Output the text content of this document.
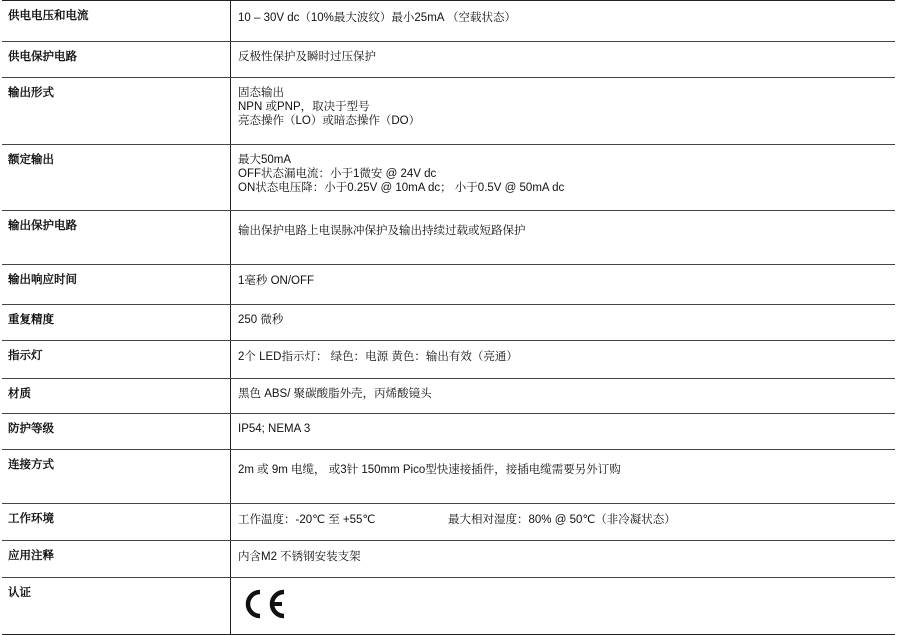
供电电压和电流	10 – 30V dc（10%最大波纹）最小25mA （空载状态）

供电保护电路	反极性保护及瞬时过压保护

输出形式	固态输出
NPN 或PNP，取决于型号
亮态操作（LO）或暗态操作（DO）

额定输出	最大50mA
OFF状态漏电流：小于1微安 @ 24V dc
ON状态电压降：小于0.25V @ 10mA dc； 小于0.5V @ 50mA dc

输出保护电路	输出保护电路上电误脉冲保护及输出持续过载或短路保护

输出响应时间	1毫秒 ON/OFF

重复精度	250 微秒

指示灯	2个 LED指示灯： 绿色：电源 黄色：输出有效（亮通）

材质	黑色 ABS/ 聚碳酸脂外壳，丙烯酸镜头

防护等级	IP54; NEMA 3

连接方式	2m 或 9m 电缆， 或3针 150mm Pico型快速接插件，接插电缆需要另外订购

工作环境	工作温度：-20℃ 至 +55℃ 最大相对湿度：80% @ 50℃（非冷凝状态）
应用注释	内含M2 不锈钢安装支架

认证	
